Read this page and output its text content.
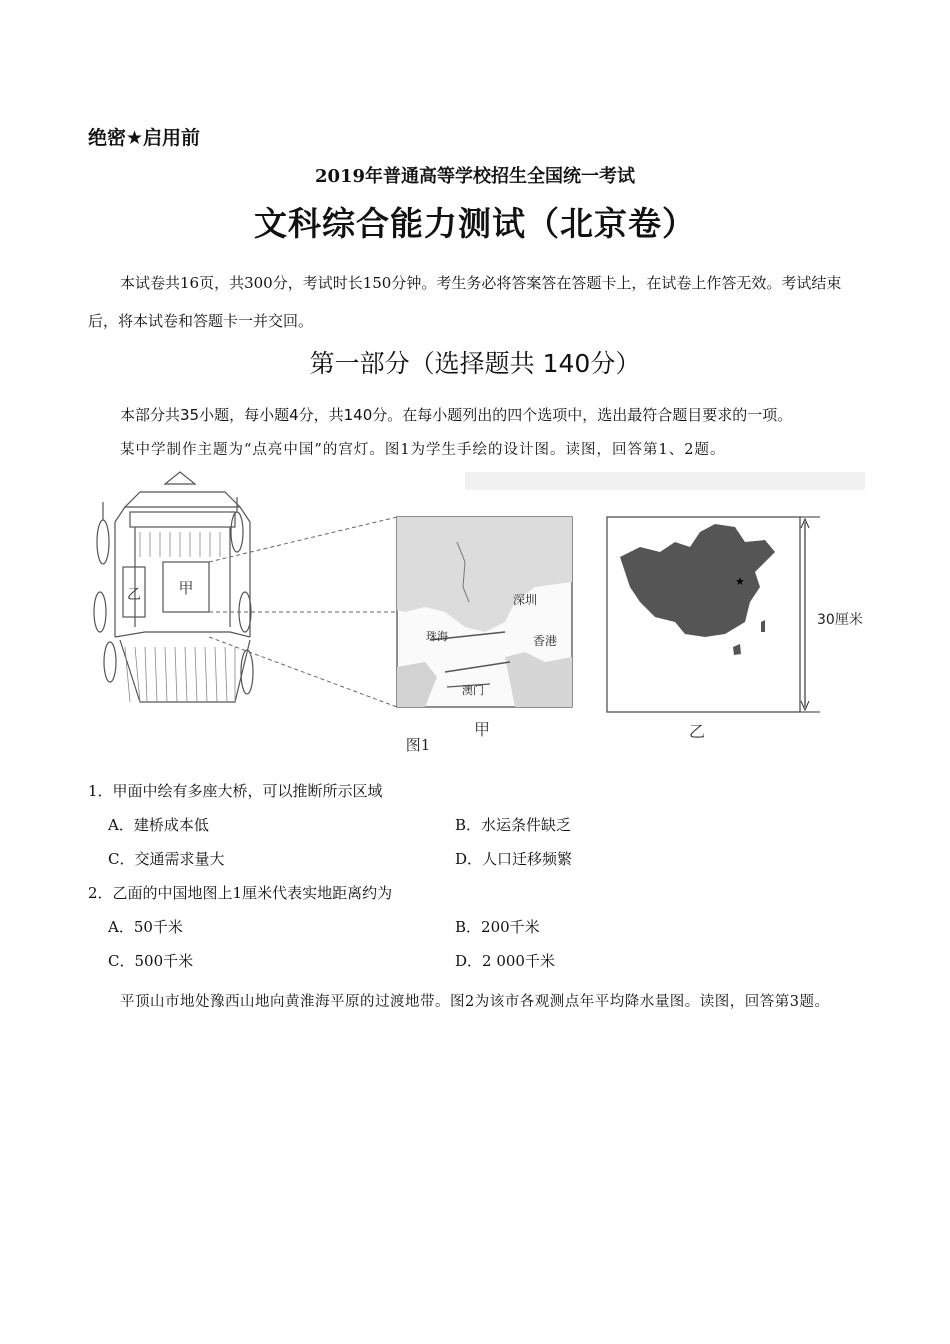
绝密★启用前
2019年普通高等学校招生全国统一考试
文科综合能力测试（北京卷）
本试卷共16页，共300分，考试时长150分钟。考生务必将答案答在答题卡上，在试卷上作答无效。考试结束后，将本试卷和答题卡一并交回。
第一部分（选择题共 140分）
本部分共35小题，每小题4分，共140分。在每小题列出的四个选项中，选出最符合题目要求的一项。
某中学制作主题为“点亮中国”的宫灯。图1为学生手绘的设计图。读图，回答第1、2题。
乙 甲
深圳
珠海	香港
澳门
甲
★
30厘米
乙
图1
1．甲面中绘有多座大桥，可以推断所示区域
A．建桥成本低	B．水运条件缺乏
C．交通需求量大	D．人口迁移频繁
2．乙面的中国地图上1厘米代表实地距离约为
A．50千米	B．200千米
C．500千米	D．2 000千米
平顶山市地处豫西山地向黄淮海平原的过渡地带。图2为该市各观测点年平均降水量图。读图，回答第3题。
